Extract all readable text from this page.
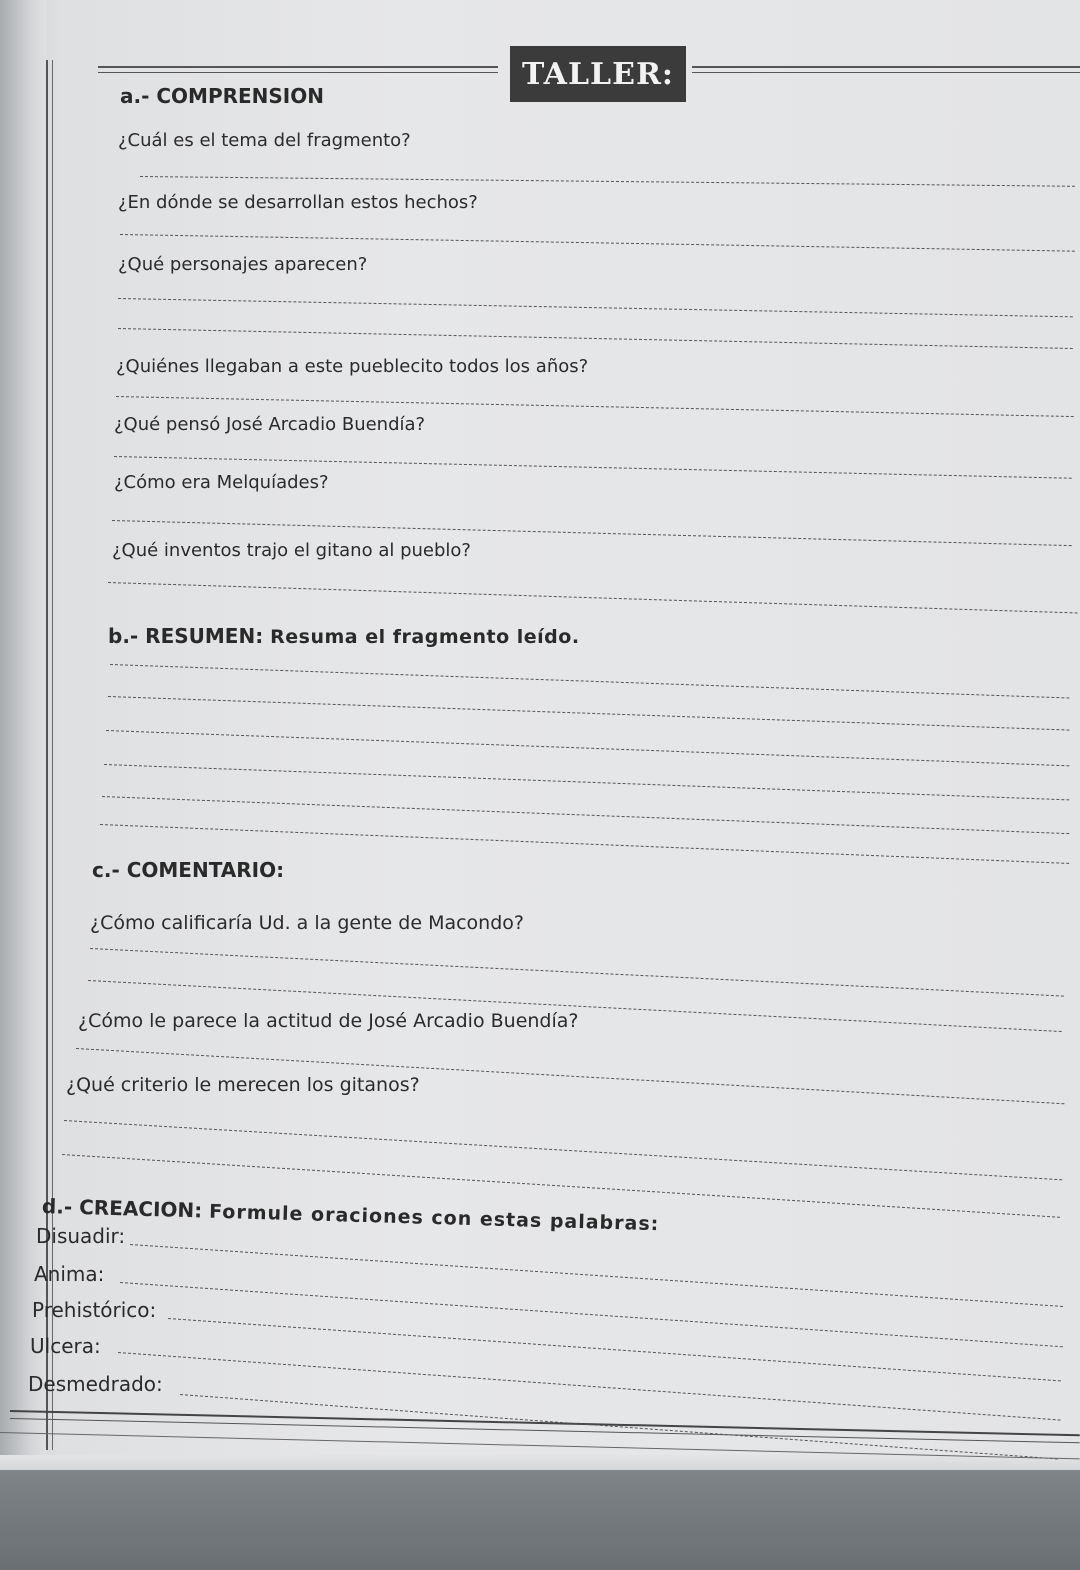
TALLER:
a.- COMPRENSION
¿Cuál es el tema del fragmento?
¿En dónde se desarrollan estos hechos?
¿Qué personajes aparecen?
¿Quiénes llegaban a este pueblecito todos los años?
¿Qué pensó José Arcadio Buendía?
¿Cómo era Melquíades?
¿Qué inventos trajo el gitano al pueblo?
b.- RESUMEN: Resuma el fragmento leído.
c.- COMENTARIO:
¿Cómo calificaría Ud. a la gente de Macondo?
¿Cómo le parece la actitud de José Arcadio Buendía?
¿Qué criterio le merecen los gitanos?
d.- CREACION: Formule oraciones con estas palabras:
Disuadir:
Anima:
Prehistórico:
Ulcera:
Desmedrado:
